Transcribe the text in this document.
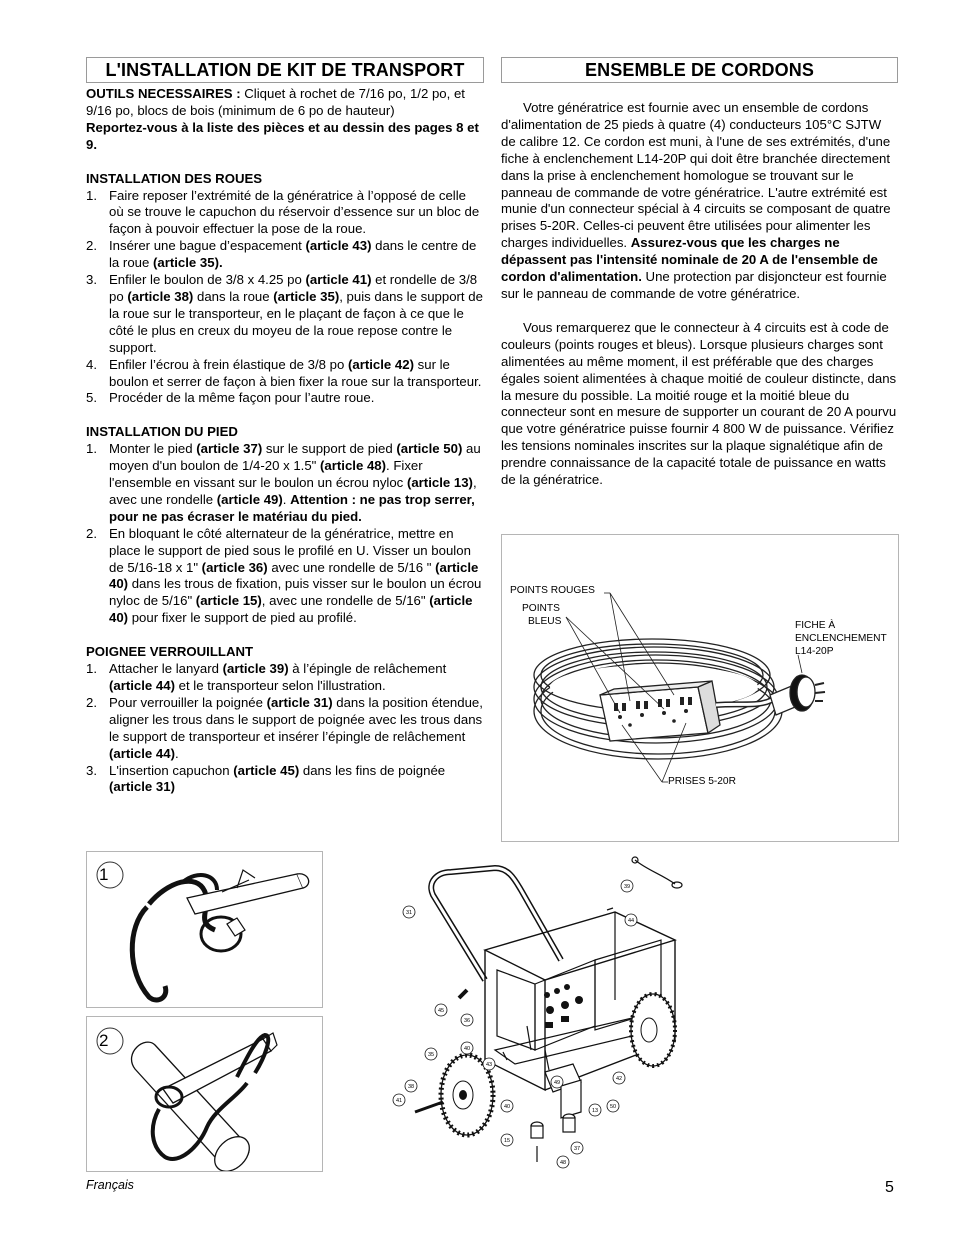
L'INSTALLATION DE KIT DE TRANSPORT

OUTILS NECESSAIRES : Cliquet à rochet de 7/16 po, 1/2 po, et 9/16 po, blocs de bois (minimum de 6 po de hauteur)

Reportez-vous à la liste des pièces et au dessin des pages 8 et 9.

INSTALLATION DES ROUES

1. Faire reposer l’extrémité de la génératrice à l’opposé de celle où se trouve le capuchon du réservoir d’essence sur un bloc de façon à pouvoir effectuer la pose de la roue.
2. Insérer une bague d’espacement (article 43) dans le centre de la roue (article 35).
3. Enfiler le boulon de 3/8 x 4.25 po (article 41) et rondelle de 3/8 po (article 38) dans la roue (article 35), puis dans le support de la roue sur le transporteur, en le plaçant de façon à ce que le côté le plus en creux du moyeu de la roue repose contre le support.
4. Enfiler l’écrou à frein élastique de 3/8 po (article 42) sur le boulon et serrer de façon à bien fixer la roue sur la transporteur.
5. Procéder de la même façon pour l’autre roue.

INSTALLATION DU PIED

1. Monter le pied (article 37) sur le support de pied (article 50) au moyen d'un boulon de 1/4-20 x 1.5" (article 48). Fixer l'ensemble en vissant sur le boulon un écrou nyloc (article 13), avec une rondelle (article 49). Attention : ne pas trop serrer, pour ne pas écraser le matériau du pied.
2. En bloquant le côté alternateur de la génératrice, mettre en place le support de pied sous le profilé en U. Visser un boulon de 5/16-18 x 1" (article 36) avec une rondelle de 5/16 " (article 40) dans les trous de fixation, puis visser sur le boulon un écrou nyloc de 5/16" (article 15), avec une rondelle de 5/16" (article 40) pour fixer le support de pied au profilé.

POIGNEE VERROUILLANT

1. Attacher le lanyard (article 39) à l’épingle de relâchement (article 44) et le transporteur selon l'illustration.
2. Pour verrouiller la poignée (article 31) dans la position étendue, aligner les trous dans le support de poignée avec les trous dans le support de transporteur et insérer l’épingle de relâchement (article 44).
3. L'insertion capuchon (article 45) dans les fins de poignée (article 31)
ENSEMBLE DE CORDONS

Votre génératrice est fournie avec un ensemble de cordons d'alimentation de 25 pieds à quatre (4) conducteurs 105°C SJTW de calibre 12. Ce cordon est muni, à l'une de ses extrémités, d'une fiche à enclenchement L14-20P qui doit être branchée directement dans la prise à enclenchement homologue se trouvant sur le panneau de commande de votre génératrice. L'autre extrémité est munie d'un connecteur spécial à 4 circuits se composant de quatre prises 5-20R. Celles-ci peuvent être utilisées pour alimenter les charges individuelles. Assurez-vous que les charges ne dépassent pas l'intensité nominale de 20 A de l'ensemble de cordon d'alimentation. Une protection par disjoncteur est fournie sur le panneau de commande de votre génératrice.

Vous remarquerez que le connecteur à 4 circuits est à code de couleurs (points rouges et bleus). Lorsque plusieurs charges sont alimentées au même moment, il est préférable que des charges égales soient alimentées à chaque moitié de couleur distincte, dans la mesure du possible. La moitié rouge et la moitié bleue du connecteur sont en mesure de supporter un courant de 20 A pourvu que votre génératrice puisse fournir 4 800 W de puissance. Vérifiez les tensions nominales inscrites sur la plaque signalétique afin de prendre connaissance de la capacité totale de puissance en watts de la génératrice.

POINTS ROUGES
POINTS
BLEUS	FICHE À
ENCLENCHEMENT
L14-20P
PRISES 5-20R
1
2
39
31
44
45
36
40
35
43
42
38
41
40
49
50
15
13
37
48
Français	5
